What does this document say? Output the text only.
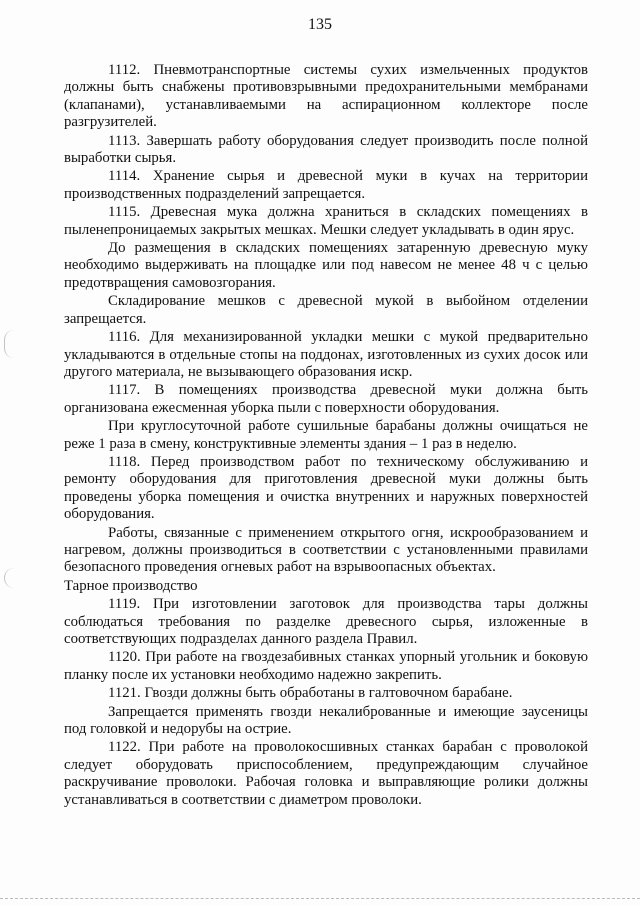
135

1112. Пневмотранспортные системы сухих измельченных продуктов должны быть снабжены противовзрывными предохранительными мембранами (клапанами), устанавливаемыми на аспирационном коллекторе после разгрузителей.

1113. Завершать работу оборудования следует производить после полной выработки сырья.

1114. Хранение сырья и древесной муки в кучах на территории производственных подразделений запрещается.

1115. Древесная мука должна храниться в складских помещениях в пыленепроницаемых закрытых мешках. Мешки следует укладывать в один ярус.

До размещения в складских помещениях затаренную древесную муку необходимо выдерживать на площадке или под навесом не менее 48 ч с целью предотвращения самовозгорания.

Складирование мешков с древесной мукой в выбойном отделении запрещается.

1116. Для механизированной укладки мешки с мукой предварительно укладываются в отдельные стопы на поддонах, изготовленных из сухих досок или другого материала, не вызывающего образования искр.

1117. В помещениях производства древесной муки должна быть организована ежесменная уборка пыли с поверхности оборудования.

При круглосуточной работе сушильные барабаны должны очищаться не реже 1 раза в смену, конструктивные элементы здания – 1 раз в неделю.

1118. Перед производством работ по техническому обслуживанию и ремонту оборудования для приготовления древесной муки должны быть проведены уборка помещения и очистка внутренних и наружных поверхностей оборудования.

Работы, связанные с применением открытого огня, искрообразованием и нагревом, должны производиться в соответствии с установленными правилами безопасного проведения огневых работ на взрывоопасных объектах.

Тарное производство

1119. При изготовлении заготовок для производства тары должны соблюдаться требования по разделке древесного сырья, изложенные в соответствующих подразделах данного раздела Правил.

1120. При работе на гвоздезабивных станках упорный угольник и боковую планку после их установки необходимо надежно закрепить.

1121. Гвозди должны быть обработаны в галтовочном барабане.

Запрещается применять гвозди некалиброванные и имеющие заусеницы под головкой и недорубы на острие.

1122. При работе на проволокосшивных станках барабан с проволокой следует оборудовать приспособлением, предупреждающим случайное раскручивание проволоки. Рабочая головка и выправляющие ролики должны устанавливаться в соответствии с диаметром проволоки.
